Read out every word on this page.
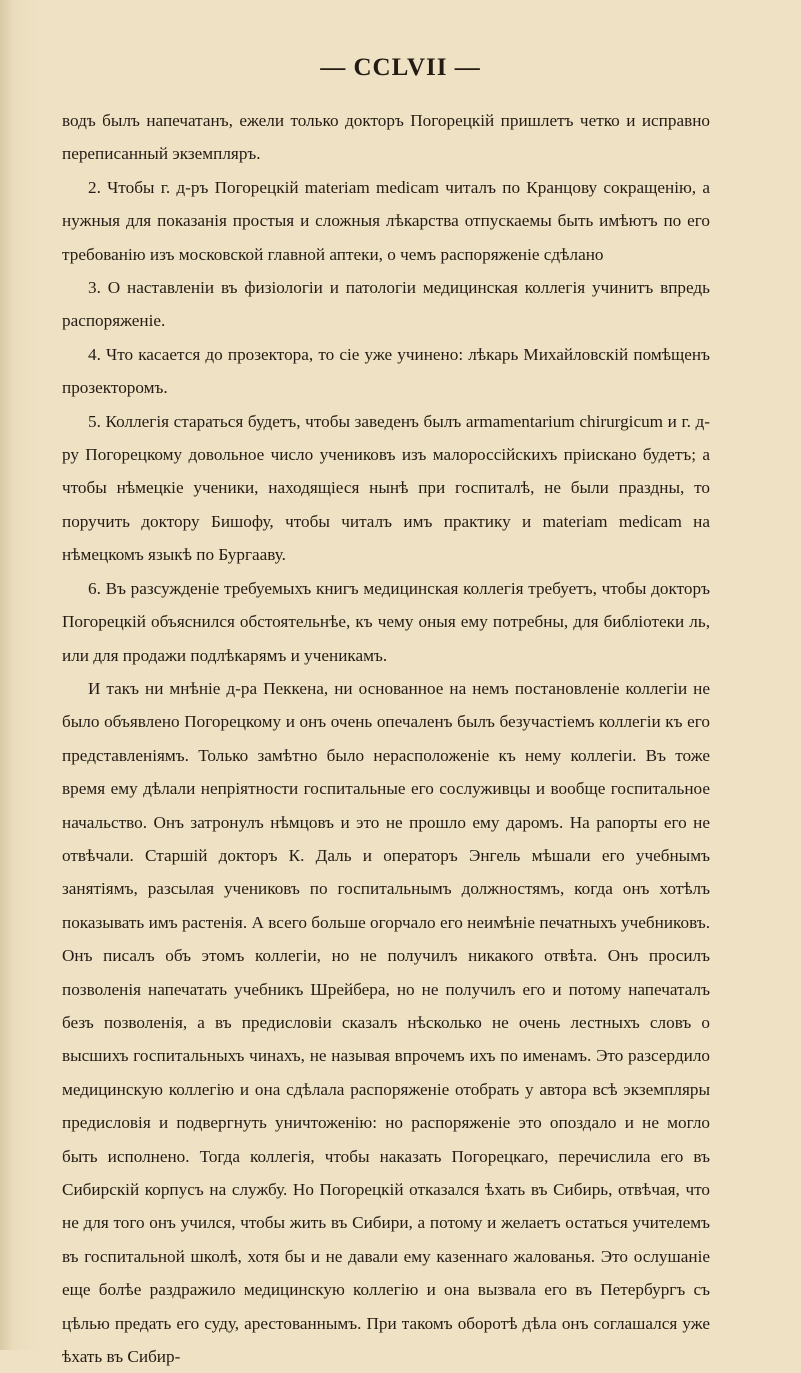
— CCLVII —

водъ былъ напечатанъ, ежели только докторъ Погорецкій пришлетъ четко и исправно переписанный экземпляръ.

2. Чтобы г. д-ръ Погорецкій materiam medicam читалъ по Кранцову сокращенію, а нужныя для показанія простыя и сложныя лѣкарства отпускаемы быть имѣютъ по его требованію изъ московской главной аптеки, о чемъ распоряженіе сдѣлано

3. О наставленіи въ физіологіи и патологіи медицинская коллегія учинитъ впредь распоряженіе.

4. Что касается до прозектора, то сіе уже учинено: лѣкарь Михайловскій помѣщенъ прозекторомъ.

5. Коллегія стараться будетъ, чтобы заведенъ былъ armamentarium chirurgicum и г. д-ру Погорецкому довольное число учениковъ изъ малороссійскихъ пріискано будетъ; а чтобы нѣмецкіе ученики, находящіеся нынѣ при госпиталѣ, не были праздны, то поручить доктору Бишофу, чтобы читалъ имъ практику и materiam medicam на нѣмецкомъ языкѣ по Бургааву.

6. Въ разсужденіе требуемыхъ книгъ медицинская коллегія требуетъ, чтобы докторъ Погорецкій объяснился обстоятельнѣе, къ чему оныя ему потребны, для библіотеки ль, или для продажи подлѣкарямъ и ученикамъ.

И такъ ни мнѣніе д-ра Пеккена, ни основанное на немъ постановленіе коллегіи не было объявлено Погорецкому и онъ очень опечаленъ былъ безучастіемъ коллегіи къ его представленіямъ. Только замѣтно было нерасположеніе къ нему коллегіи. Въ тоже время ему дѣлали непріятности госпитальные его сослуживцы и вообще госпитальное начальство. Онъ затронулъ нѣмцовъ и это не прошло ему даромъ. На рапорты его не отвѣчали. Старшій докторъ К. Даль и операторъ Энгель мѣшали его учебнымъ занятіямъ, разсылая учениковъ по госпитальнымъ должностямъ, когда онъ хотѣлъ показывать имъ растенія. А всего больше огорчало его неимѣніе печатныхъ учебниковъ. Онъ писалъ объ этомъ коллегіи, но не получилъ никакого отвѣта. Онъ просилъ позволенія напечатать учебникъ Шрейбера, но не получилъ его и потому напечаталъ безъ позволенія, а въ предисловіи сказалъ нѣсколько не очень лестныхъ словъ о высшихъ госпитальныхъ чинахъ, не называя впрочемъ ихъ по именамъ. Это разсердило медицинскую коллегію и она сдѣлала распоряженіе отобрать у автора всѣ экземпляры предисловія и подвергнуть уничтоженію: но распоряженіе это опоздало и не могло быть исполнено. Тогда коллегія, чтобы наказать Погорецкаго, перечислила его въ Сибирскій корпусъ на службу. Но Погорецкій отказался ѣхать въ Сибирь, отвѣчая, что не для того онъ учился, чтобы жить въ Сибири, а потому и желаетъ остаться учителемъ въ госпитальной школѣ, хотя бы и не давали ему казеннаго жалованья. Это ослушаніе еще болѣе раздражило медицинскую коллегію и она вызвала его въ Петербургъ съ цѣлью предать его суду, арестованнымъ. При такомъ оборотѣ дѣла онъ соглашался уже ѣхать въ Сибир-
